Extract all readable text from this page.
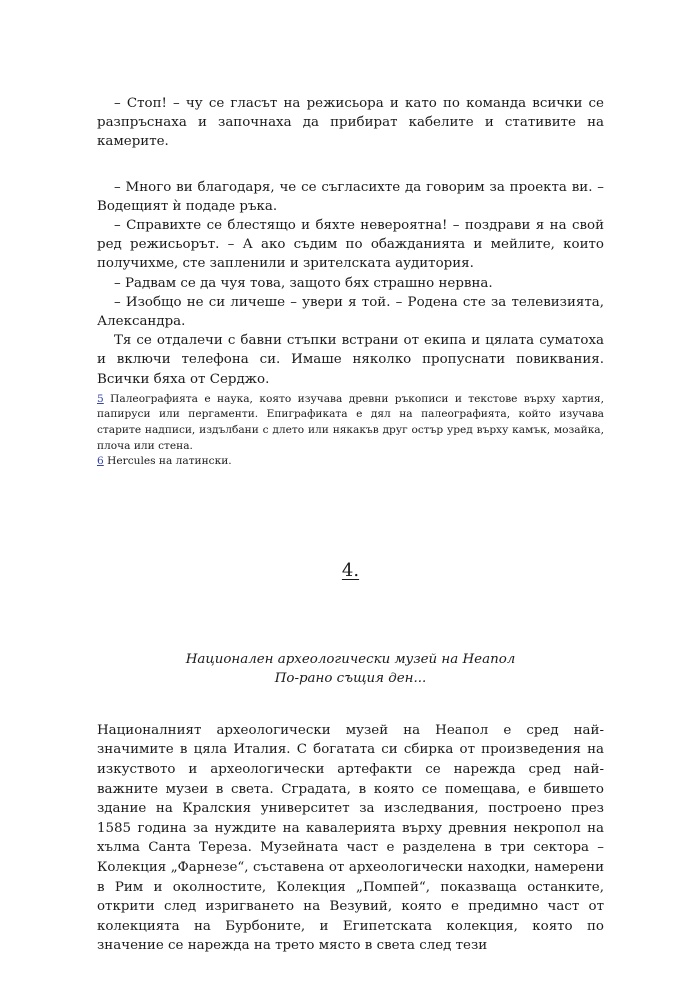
– Стоп! – чу се гласът на режисьора и като по команда всички се разпръснаха и започнаха да прибират кабелите и стативите на камерите.

– Много ви благодаря, че се съгласихте да говорим за проекта ви. – Водещият ѝ подаде ръка.

– Справихте се блестящо и бяхте невероятна! – поздрави я на свой ред режисьорът. – А ако съдим по обажданията и мейлите, които получихме, сте запленили и зрителската аудитория.

– Радвам се да чуя това, защото бях страшно нервна.

– Изобщо не си личеше – увери я той. – Родена сте за телевизията, Александра.

Тя се отдалечи с бавни стъпки встрани от екипа и цялата суматоха и включи телефона си. Имаше няколко пропуснати повиквания. Всички бяха от Серджо.

5 Палеографията е наука, която изучава древни ръкописи и текстове върху хартия, папируси или пергаменти. Епиграфиката е дял на палеографията, който изучава старите надписи, издълбани с длето или някакъв друг остър уред върху камък, мозайка, плоча или стена.

6 Hercules на латински.

4.
Национален археологически музей на Неапол
По-рано същия ден...

Националният археологически музей на Неапол е сред най-значимите в цяла Италия. С богатата си сбирка от произведения на изкуството и археологически артефакти се нарежда сред най-важните музеи в света. Сградата, в която се помещава, е бившето здание на Кралския университет за изследвания, построено през 1585 година за нуждите на кавалерията върху древния некропол на хълма Санта Тереза. Музейната част е разделена в три сектора – Колекция „Фарнезе“, съставена от археологически находки, намерени в Рим и околностите, Колекция „Помпей“, показваща останките, открити след изригването на Везувий, която е предимно част от колекцията на Бурбоните, и Египетската колекция, която по значение се нарежда на трето място в света след тези
